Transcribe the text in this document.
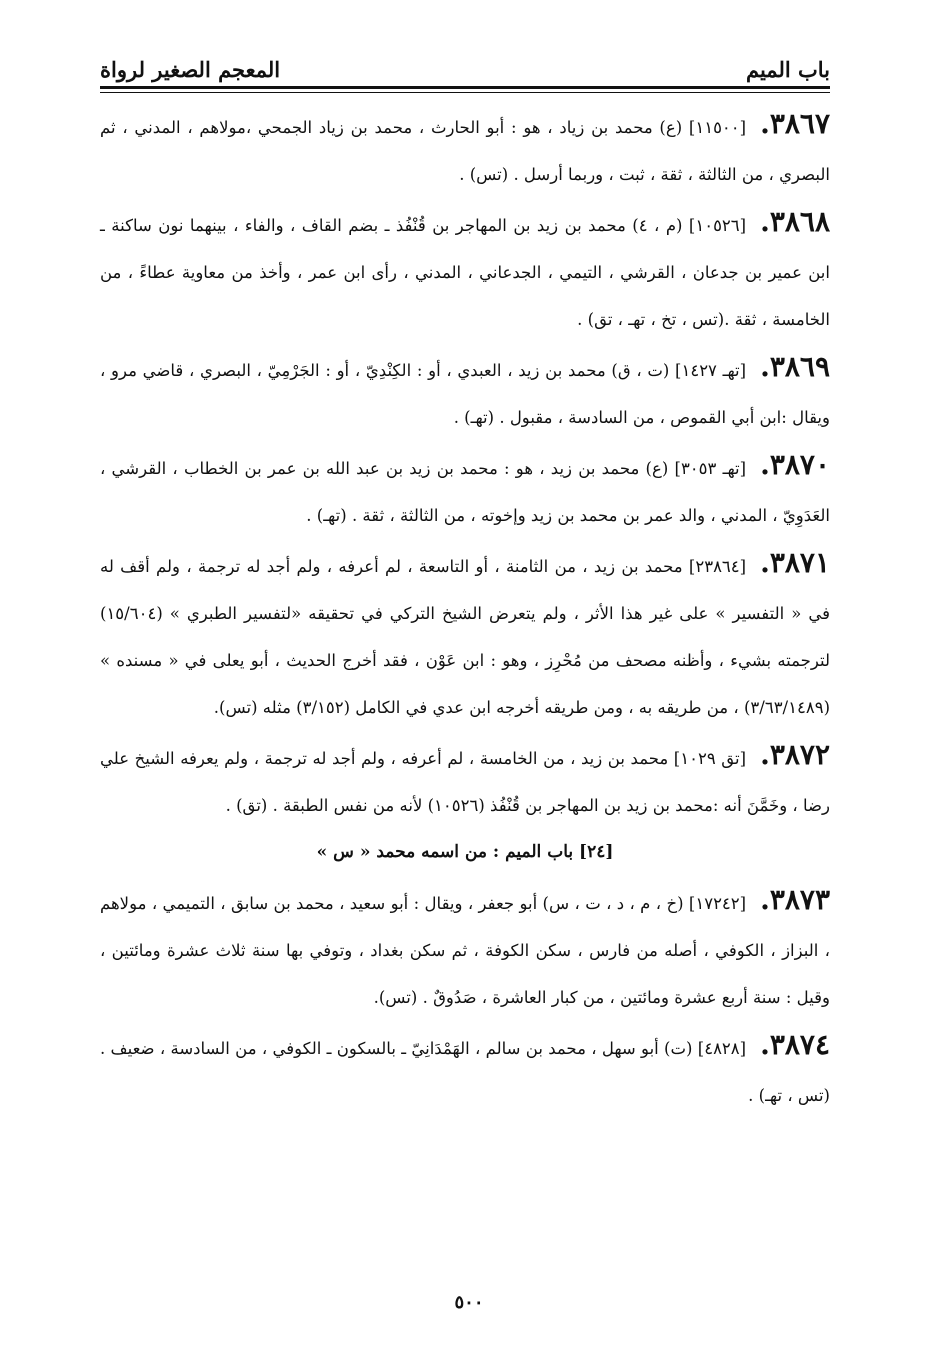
باب الميم
المعجم الصغير لرواة

٣٨٦٧.[١١٥٠٠] (ع) محمد بن زياد ، هو : أبو الحارث ، محمد بن زياد الجمحي ،مولاهم ، المدني ، ثم البصري ، من الثالثة ، ثقة ، ثبت ، وربما أرسل . (تس) .

٣٨٦٨.[١٠٥٢٦] (م ، ٤) محمد بن زيد بن المهاجر بن قُنْفُذ ـ بضم القاف ، والفاء ، بينهما نون ساكنة ـ ابن عمير بن جدعان ، القرشي ، التيمي ، الجدعاني ، المدني ، رأى ابن عمر ، وأخذ من معاوية عطاءً ، من الخامسة ، ثقة .(تس ، تخ ، تهـ ، تق) .

٣٨٦٩.[تهـ ١٤٢٧] (ت ، ق) محمد بن زيد ، العبدي ، أو : الكِنْدِيّ ، أو : الجَرْمِيّ ، البصري ، قاضي مرو ، ويقال :ابن أبي القموص ، من السادسة ، مقبول . (تهـ) .

٣٨٧٠.[تهـ ٣٠٥٣] (ع) محمد بن زيد ، هو : محمد بن زيد بن عبد الله بن عمر بن الخطاب ، القرشي ، العَدَوِيّ ، المدني ، والد عمر بن محمد بن زيد وإخوته ، من الثالثة ، ثقة . (تهـ) .

٣٨٧١.[٢٣٨٦٤] محمد بن زيد ، من الثامنة ، أو التاسعة ، لم أعرفه ، ولم أجد له ترجمة ، ولم أقف له في « التفسير » على غير هذا الأثر ، ولم يتعرض الشيخ التركي في تحقيقه «لتفسير الطبري » (١٥/٦٠٤) لترجمته بشيء ، وأظنه مصحف من مُحْرِز ، وهو : ابن عَوْن ، فقد أخرج الحديث ، أبو يعلى في « مسنده » (٣/٦٣/١٤٨٩) ، من طريقه به ، ومن طريقه أخرجه ابن عدي في الكامل (٣/١٥٢) مثله (تس).

٣٨٧٢.[تق ١٠٢٩] محمد بن زيد ، من الخامسة ، لم أعرفه ، ولم أجد له ترجمة ، ولم يعرفه الشيخ علي رضا ، وخَمَّنَ أنه :محمد بن زيد بن المهاجر بن قُنْفُذ (١٠٥٢٦) لأنه من نفس الطبقة . (تق) .

[٢٤] باب الميم : من اسمه محمد « س »

٣٨٧٣.[١٧٢٤٢] (خ ، م ، د ، ت ، س) أبو جعفر ، ويقال : أبو سعيد ، محمد بن سابق ، التميمي ، مولاهم ، البزاز ، الكوفي ، أصله من فارس ، سكن الكوفة ، ثم سكن بغداد ، وتوفي بها سنة ثلاث عشرة ومائتين ، وقيل : سنة أربع عشرة ومائتين ، من كبار العاشرة ، صَدُوقٌ . (تس).

٣٨٧٤.[٤٨٢٨] (ت) أبو سهل ، محمد بن سالم ، الهَمْدَانِيّ ـ بالسكون ـ الكوفي ، من السادسة ، ضعيف . (تس ، تهـ) .

٥٠٠
